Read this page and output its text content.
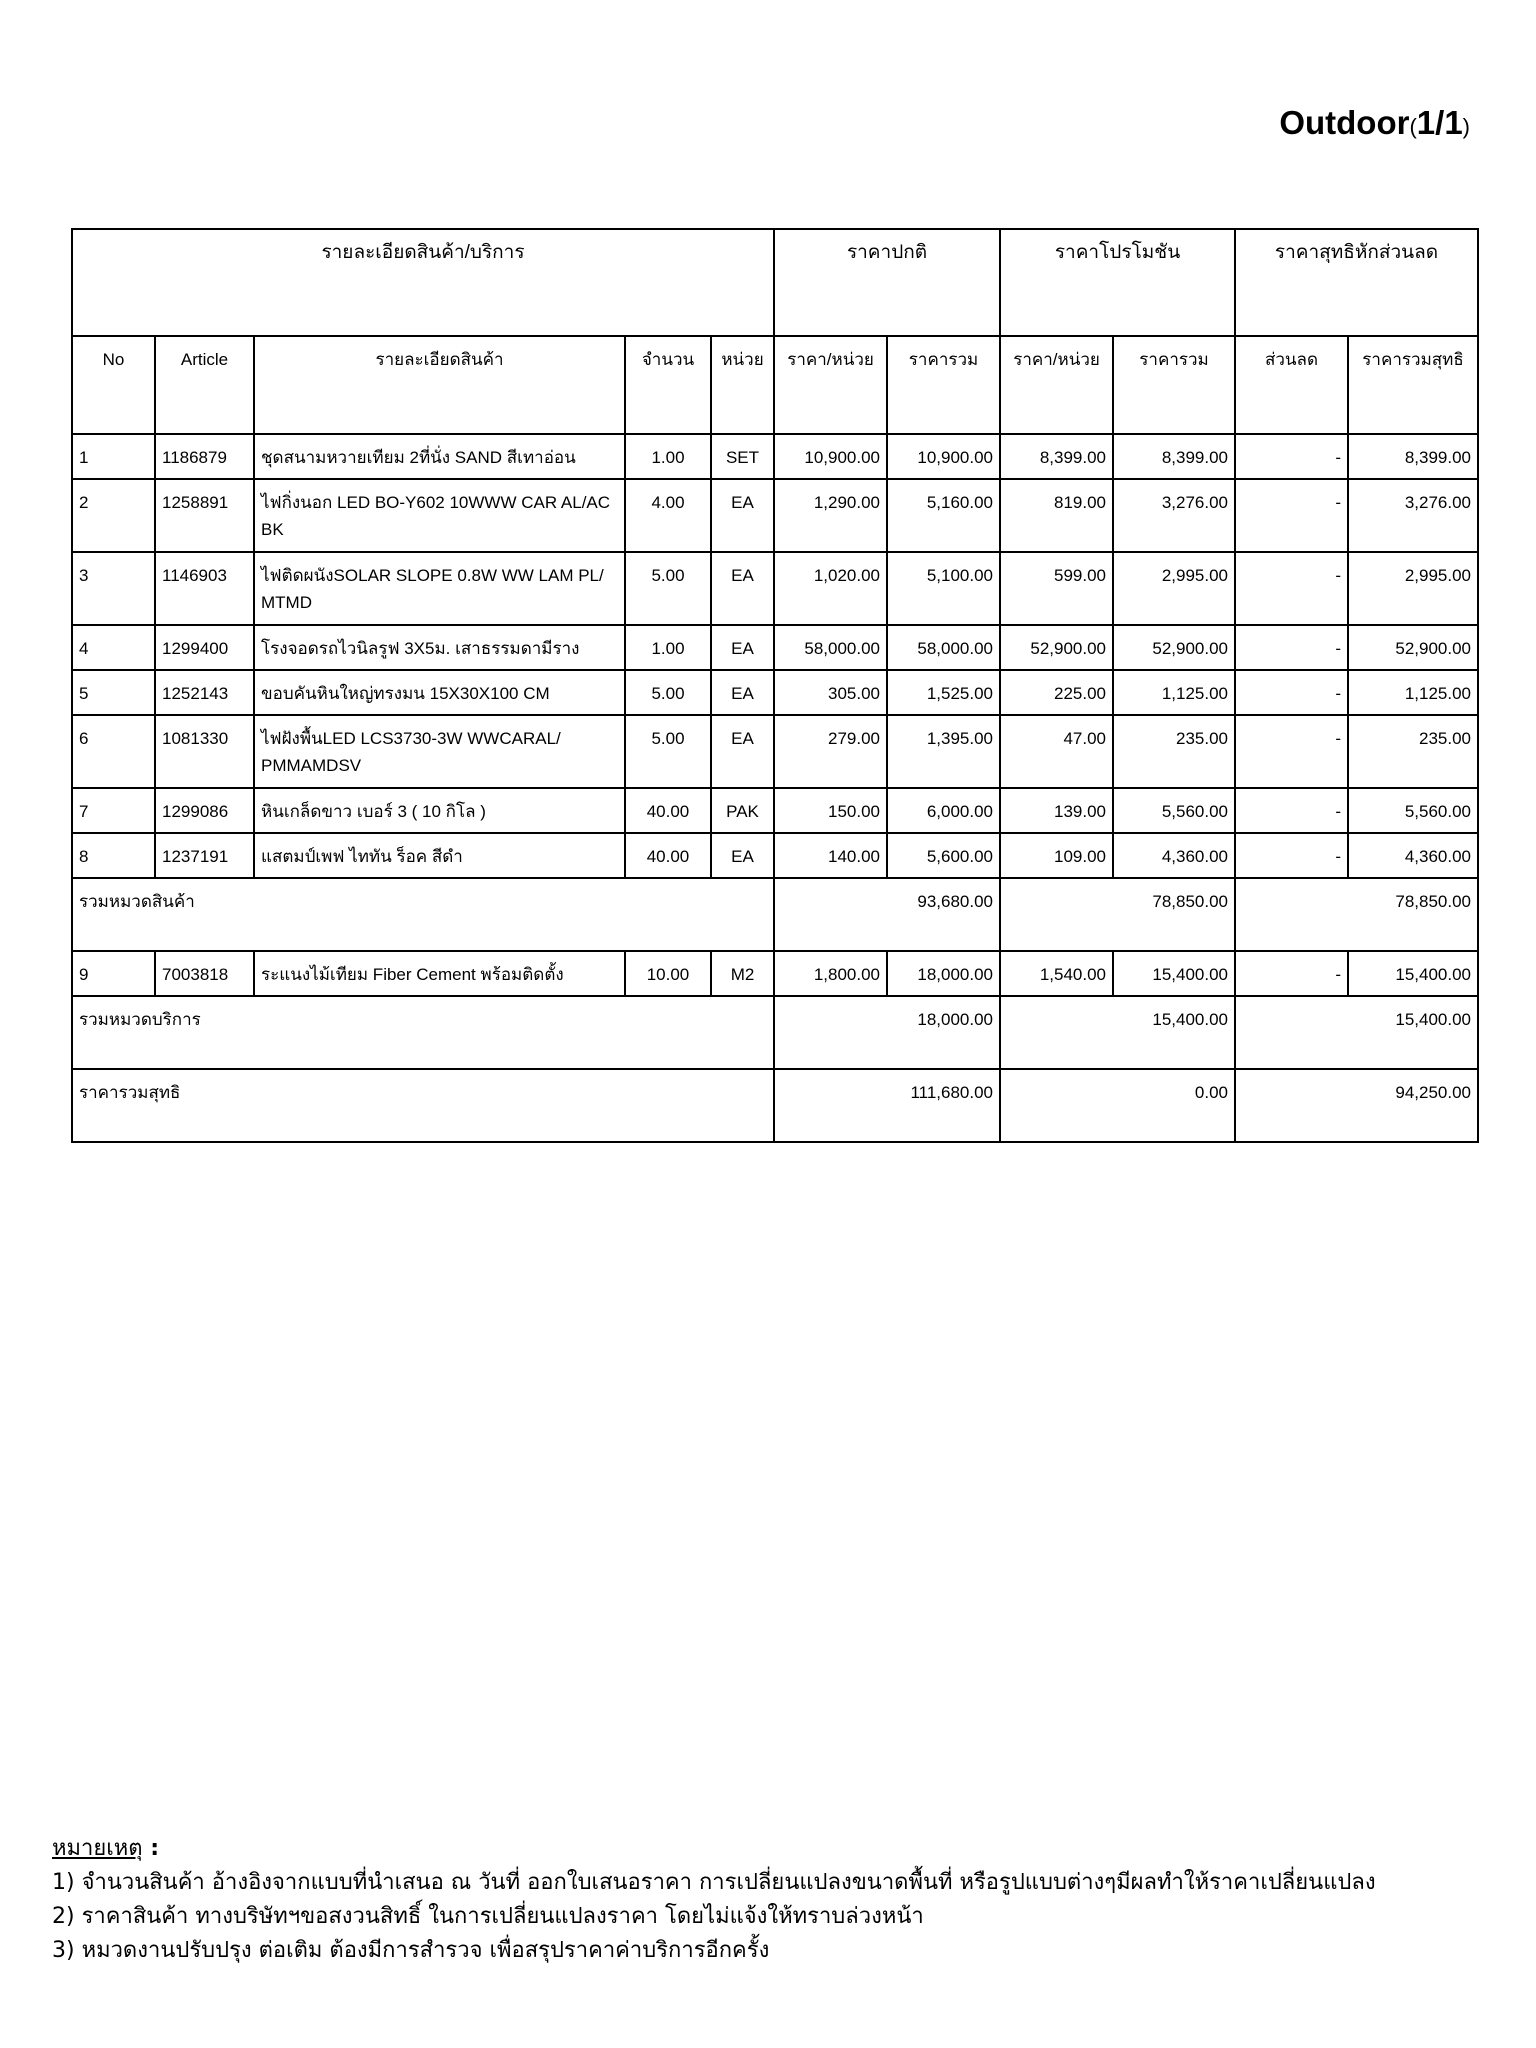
Outdoor(1/1)
รายละเอียดสินค้า/บริการ					ราคาปกติ		ราคาโปรโมชัน		ราคาสุทธิหักส่วนลด	
No	Article	รายละเอียดสินค้า	จำนวน	หน่วย	ราคา/หน่วย	ราคารวม	ราคา/หน่วย	ราคารวม	ส่วนลด	ราคารวมสุทธิ
1	1186879	ชุดสนามหวายเทียม 2ที่นั่ง SAND สีเทาอ่อน	1.00	SET	10,900.00	10,900.00	8,399.00	8,399.00	-	8,399.00
2	1258891	ไฟกิ่งนอก LED BO-Y602 10WWW CAR AL/AC BK	4.00	EA	1,290.00	5,160.00	819.00	3,276.00	-	3,276.00
3	1146903	ไฟติดผนังSOLAR SLOPE 0.8W WW LAM PL/ MTMD	5.00	EA	1,020.00	5,100.00	599.00	2,995.00	-	2,995.00
4	1299400	โรงจอดรถไวนิลรูฟ 3X5ม. เสาธรรมดามีราง	1.00	EA	58,000.00	58,000.00	52,900.00	52,900.00	-	52,900.00
5	1252143	ขอบคันหินใหญ่ทรงมน 15X30X100 CM	5.00	EA	305.00	1,525.00	225.00	1,125.00	-	1,125.00
6	1081330	ไฟฝังพื้นLED LCS3730-3W WWCARAL/ PMMAMDSV	5.00	EA	279.00	1,395.00	47.00	235.00	-	235.00
7	1299086	หินเกล็ดขาว เบอร์ 3 ( 10 กิโล )	40.00	PAK	150.00	6,000.00	139.00	5,560.00	-	5,560.00
8	1237191	แสตมป์เพฟ ไททัน ร็อค สีดำ	40.00	EA	140.00	5,600.00	109.00	4,360.00	-	4,360.00
รวมหมวดสินค้า					93,680.00		78,850.00		78,850.00	
9	7003818	ระแนงไม้เทียม Fiber Cement พร้อมติดตั้ง	10.00	M2	1,800.00	18,000.00	1,540.00	15,400.00	-	15,400.00
รวมหมวดบริการ					18,000.00		15,400.00		15,400.00	
ราคารวมสุทธิ					111,680.00		0.00		94,250.00	
หมายเหตุ :
1) จำนวนสินค้า อ้างอิงจากแบบที่นำเสนอ ณ วันที่ ออกใบเสนอราคา การเปลี่ยนแปลงขนาดพื้นที่ หรือรูปแบบต่างๆมีผลทำให้ราคาเปลี่ยนแปลง
2) ราคาสินค้า ทางบริษัทฯขอสงวนสิทธิ์ ในการเปลี่ยนแปลงราคา โดยไม่แจ้งให้ทราบล่วงหน้า
3) หมวดงานปรับปรุง ต่อเติม ต้องมีการสำรวจ เพื่อสรุปราคาค่าบริการอีกครั้ง
